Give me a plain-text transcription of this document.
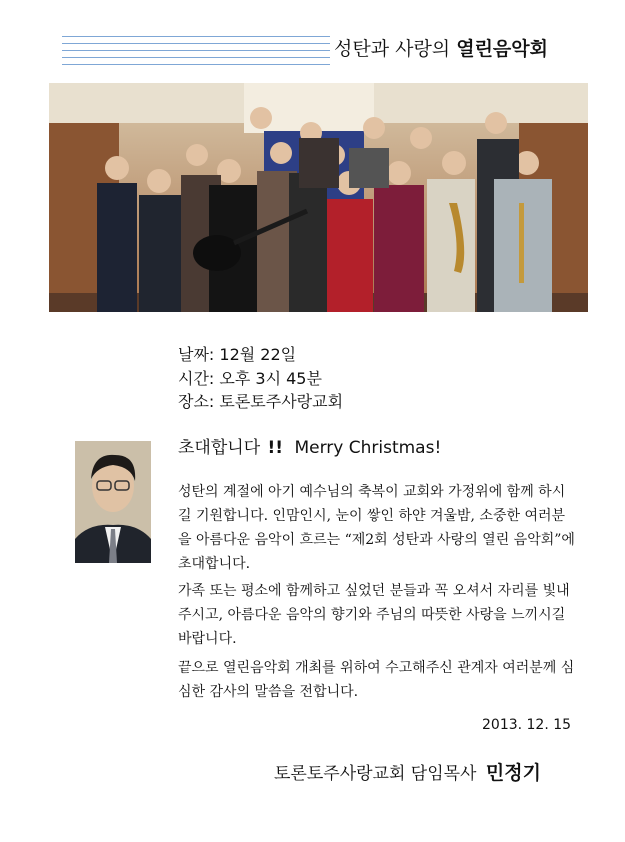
성탄과 사랑의 열린음악회
날짜: 12월 22일
시간: 오후 3시 45분
장소: 토론토주사랑교회
초대합니다 !! Merry Christmas!
성탄의 계절에 아기 예수님의 축복이 교회와 가정위에 함께 하시길 기원합니다. 인맘인시, 눈이 쌓인 하얀 겨울밤, 소중한 여러분을 아름다운 음악이 흐르는 “제2회 성탄과 사랑의 열린 음악회”에 초대합니다.
가족 또는 평소에 함께하고 싶었던 분들과 꼭 오셔서 자리를 빛내 주시고, 아름다운 음악의 향기와 주님의 따뜻한 사랑을 느끼시길 바랍니다.
끝으로 열린음악회 개최를 위하여 수고해주신 관계자 여러분께 심심한 감사의 말씀을 전합니다.
2013. 12. 15
토론토주사랑교회 담임목사 민정기
